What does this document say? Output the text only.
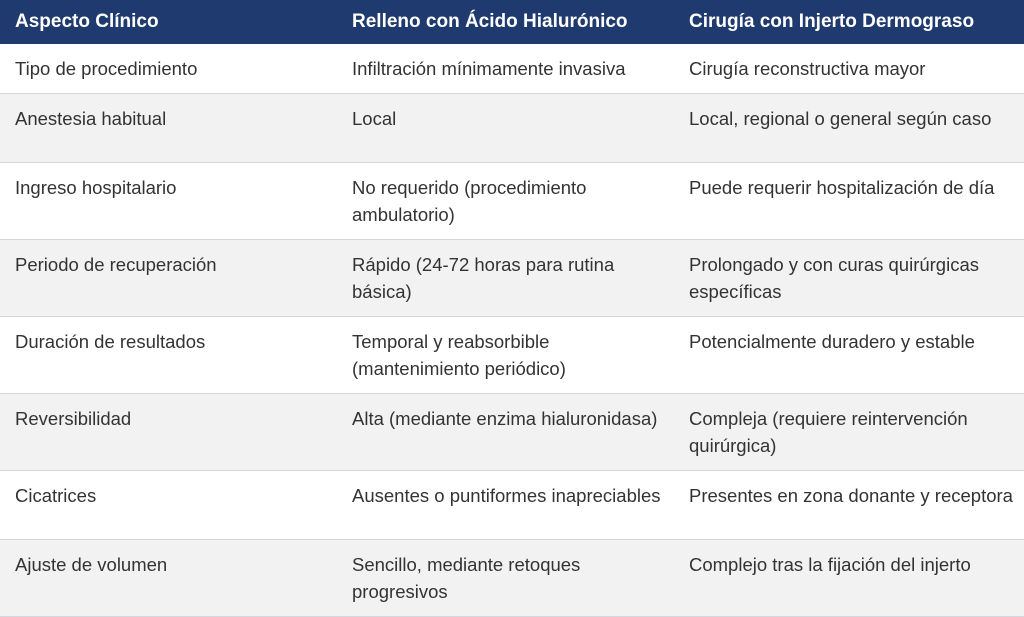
Aspecto Clínico	Relleno con Ácido Hialurónico	Cirugía con Injerto Dermograso
Tipo de procedimiento	Infiltración mínimamente invasiva	Cirugía reconstructiva mayor
Anestesia habitual	Local	Local, regional o general según caso
Ingreso hospitalario	No requerido (procedimiento ambulatorio)	Puede requerir hospitalización de día
Periodo de recuperación	Rápido (24-72 horas para rutina básica)	Prolongado y con curas quirúrgicas específicas
Duración de resultados	Temporal y reabsorbible (mantenimiento periódico)	Potencialmente duradero y estable
Reversibilidad	Alta (mediante enzima hialuronidasa)	Compleja (requiere reintervención quirúrgica)
Cicatrices	Ausentes o puntiformes inapreciables	Presentes en zona donante y receptora
Ajuste de volumen	Sencillo, mediante retoques progresivos	Complejo tras la fijación del injerto
